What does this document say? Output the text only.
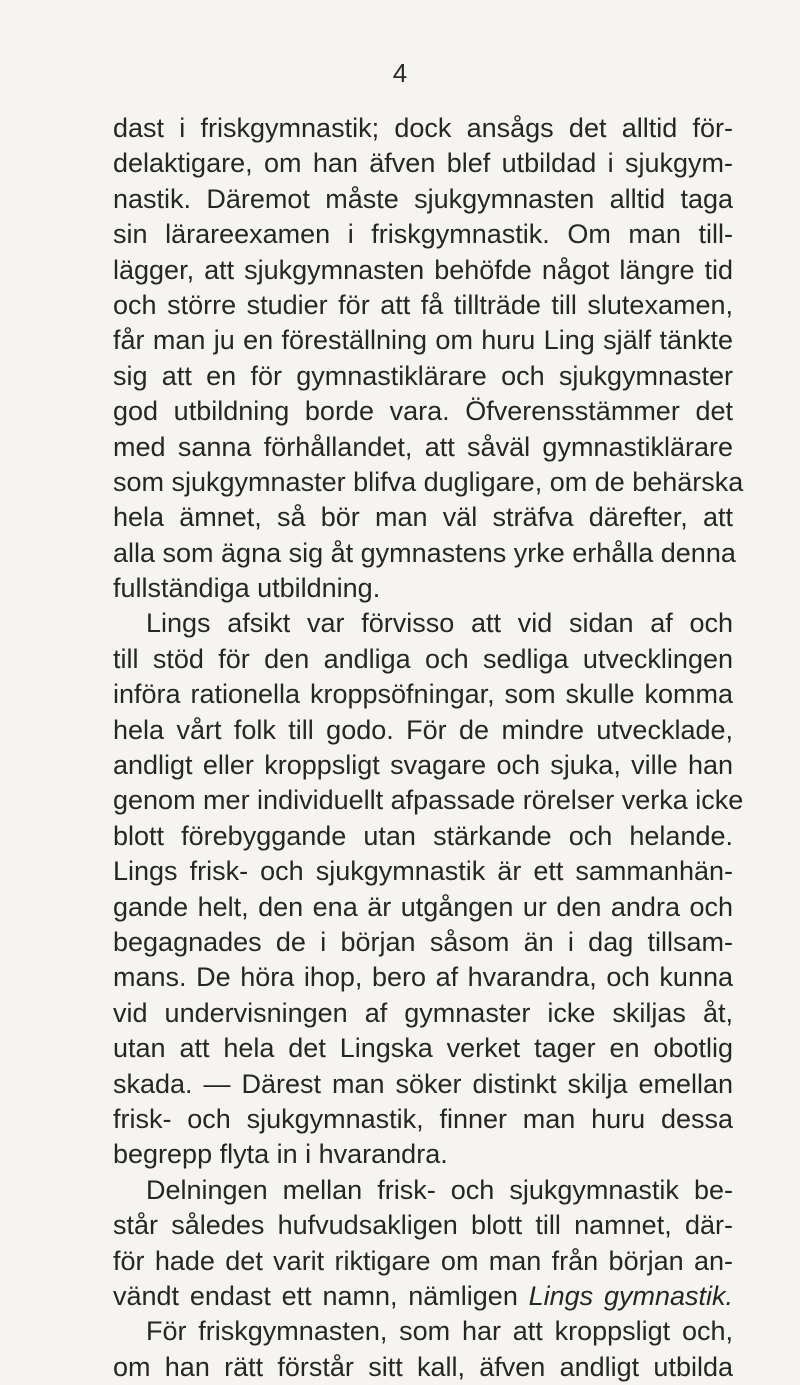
4
dast i friskgymnastik; dock ansågs det alltid för-
delaktigare, om han äfven blef utbildad i sjukgym-
nastik. Däremot måste sjukgymnasten alltid taga
sin lärareexamen i friskgymnastik. Om man till-
lägger, att sjukgymnasten behöfde något längre tid
och större studier för att få tillträde till slutexamen,
får man ju en föreställning om huru Ling själf tänkte
sig att en för gymnastiklärare och sjukgymnaster
god utbildning borde vara. Öfverensstämmer det
med sanna förhållandet, att såväl gymnastiklärare
som sjukgymnaster blifva dugligare, om de behärska
hela ämnet, så bör man väl sträfva därefter, att
alla som ägna sig åt gymnastens yrke erhålla denna
fullständiga utbildning.
Lings afsikt var förvisso att vid sidan af och
till stöd för den andliga och sedliga utvecklingen
införa rationella kroppsöfningar, som skulle komma
hela vårt folk till godo. För de mindre utvecklade,
andligt eller kroppsligt svagare och sjuka, ville han
genom mer individuellt afpassade rörelser verka icke
blott förebyggande utan stärkande och helande.
Lings frisk- och sjukgymnastik är ett sammanhän-
gande helt, den ena är utgången ur den andra och
begagnades de i början såsom än i dag tillsam-
mans. De höra ihop, bero af hvarandra, och kunna
vid undervisningen af gymnaster icke skiljas åt,
utan att hela det Lingska verket tager en obotlig
skada. — Därest man söker distinkt skilja emellan
frisk- och sjukgymnastik, finner man huru dessa
begrepp flyta in i hvarandra.
Delningen mellan frisk- och sjukgymnastik be-
står således hufvudsakligen blott till namnet, där-
för hade det varit riktigare om man från början an-
vändt endast ett namn, nämligen Lings gymnastik.
För friskgymnasten, som har att kroppsligt och,
om han rätt förstår sitt kall, äfven andligt utbilda
